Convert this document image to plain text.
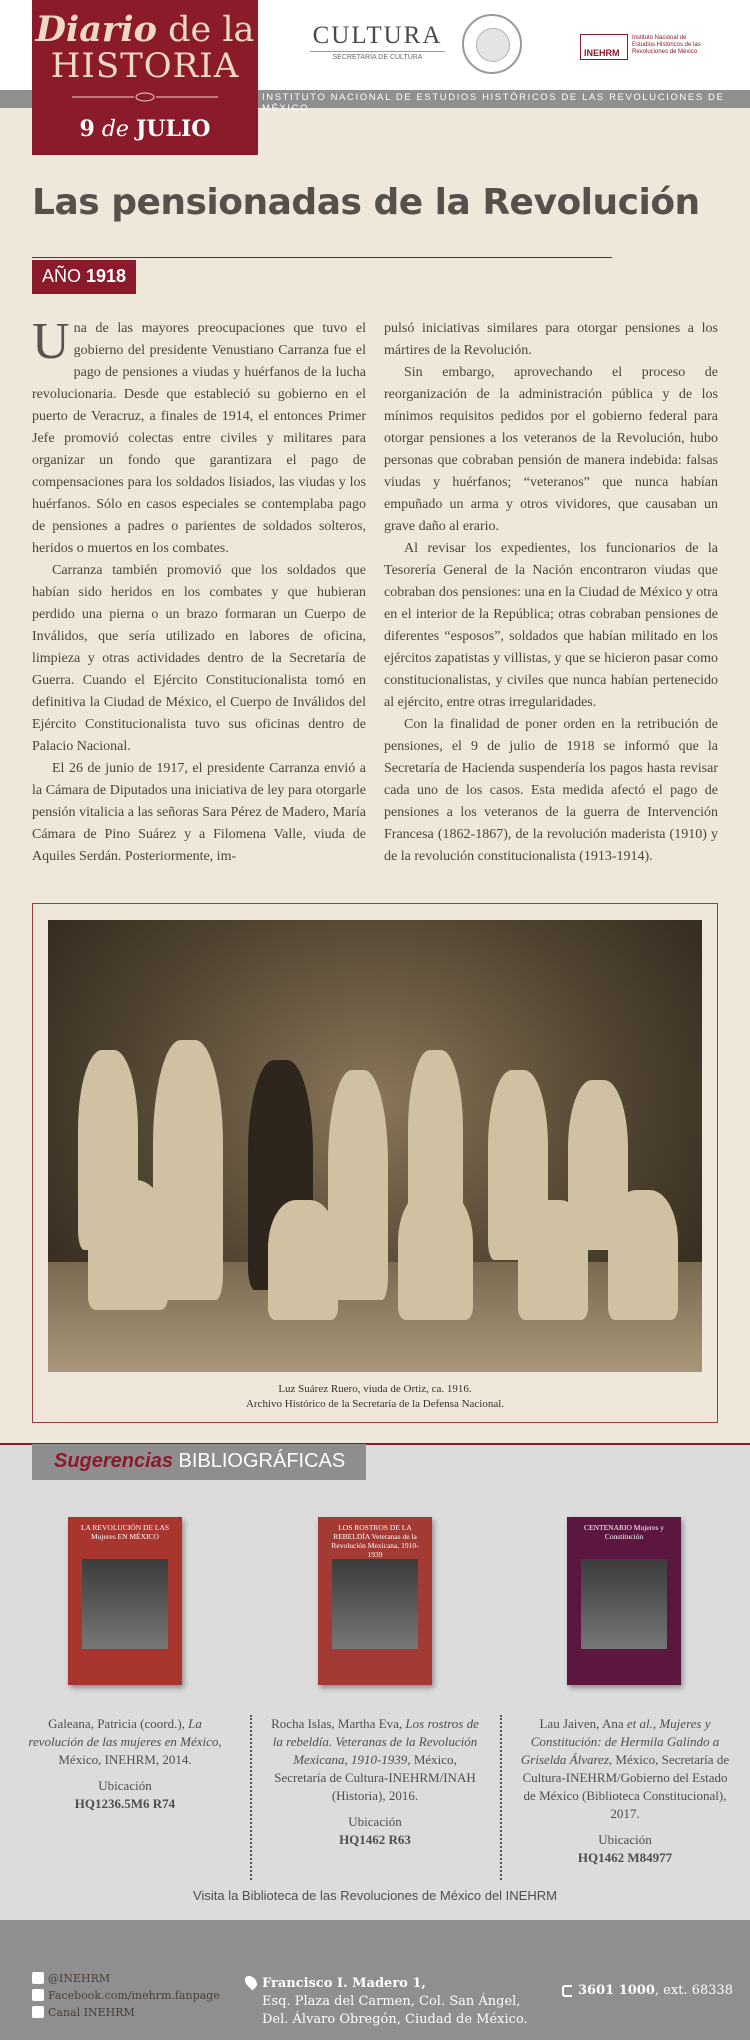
Diario de la
HISTORIA
9 de JULIO
CULTURA
SECRETARÍA DE CULTURA	INEHRM
Instituto Nacional de Estudios Históricos de las Revoluciones de México
INSTITUTO NACIONAL DE ESTUDIOS HISTÓRICOS DE LAS REVOLUCIONES DE MÉXICO
Las pensionadas de la Revolución
AÑO 1918

Una de las mayores preocupaciones que tuvo el gobierno del presidente Venustiano Carranza fue el pago de pensiones a viudas y huérfanos de la lucha revolucionaria. Desde que estableció su gobierno en el puerto de Veracruz, a finales de 1914, el entonces Primer Jefe promovió colectas entre civiles y militares para organizar un fondo que garantizara el pago de compensaciones para los soldados lisiados, las viudas y los huérfanos. Sólo en casos especiales se contemplaba pago de pensiones a padres o parientes de soldados solteros, heridos o muertos en los combates.

Carranza también promovió que los soldados que habían sido heridos en los combates y que hubieran perdido una pierna o un brazo formaran un Cuerpo de Inválidos, que sería utilizado en labores de oficina, limpieza y otras actividades dentro de la Secretaría de Guerra. Cuando el Ejército Constitucionalista tomó en definitiva la Ciudad de México, el Cuerpo de Inválidos del Ejército Constitucionalista tuvo sus oficinas dentro de Palacio Nacional.

El 26 de junio de 1917, el presidente Carranza envió a la Cámara de Diputados una iniciativa de ley para otorgarle pensión vitalicia a las señoras Sara Pérez de Madero, María Cámara de Pino Suárez y a Filomena Valle, viuda de Aquiles Serdán. Posteriormente, im-

pulsó iniciativas similares para otorgar pensiones a los mártires de la Revolución.

Sin embargo, aprovechando el proceso de reorganización de la administración pública y de los mínimos requisitos pedidos por el gobierno federal para otorgar pensiones a los veteranos de la Revolución, hubo personas que cobraban pensión de manera indebida: falsas viudas y huérfanos; “veteranos” que nunca habían empuñado un arma y otros vividores, que causaban un grave daño al erario.

Al revisar los expedientes, los funcionarios de la Tesorería General de la Nación encontraron viudas que cobraban dos pensiones: una en la Ciudad de México y otra en el interior de la República; otras cobraban pensiones de diferentes “esposos”, soldados que habían militado en los ejércitos zapatistas y villistas, y que se hicieron pasar como constitucionalistas, y civiles que nunca habían pertenecido al ejército, entre otras irregularidades.

Con la finalidad de poner orden en la retribución de pensiones, el 9 de julio de 1918 se informó que la Secretaría de Hacienda suspendería los pagos hasta revisar cada uno de los casos. Esta medida afectó el pago de pensiones a los veteranos de la guerra de Intervención Francesa (1862-1867), de la revolución maderista (1910) y de la revolución constitucionalista (1913-1914).

Luz Suárez Ruero, viuda de Ortiz, ca. 1916.
Archivo Histórico de la Secretaría de la Defensa Nacional.
Sugerencias BIBLIOGRÁFICAS
LA REVOLUCIÓN DE LAS Mujeres EN MÉXICO
LOS ROSTROS DE LA REBELDÍA Veteranas de la Revolución Mexicana, 1910-1939
CENTENARIO Mujeres y Constitución
Galeana, Patricia (coord.), La revolución de las mujeres en México, México, INEHRM, 2014.
Ubicación
HQ1236.5M6 R74
Rocha Islas, Martha Eva, Los rostros de la rebeldía. Veteranas de la Revolución Mexicana, 1910-1939, México, Secretaría de Cultura-INEHRM/INAH (Historia), 2016.
Ubicación
HQ1462 R63
Lau Jaiven, Ana et al., Mujeres y Constitución: de Hermila Galindo a Griselda Álvarez, México, Secretaría de Cultura-INEHRM/Gobierno del Estado de México (Biblioteca Constitucional), 2017.
Ubicación
HQ1462 M84977
Visita la Biblioteca de las Revoluciones de México del INEHRM
@INEHRM
Facebook.com/inehrm.fanpage
Canal INEHRM
Francisco I. Madero 1,
Esq. Plaza del Carmen, Col. San Ángel,
Del. Álvaro Obregón, Ciudad de México.
3601 1000, ext. 68338
